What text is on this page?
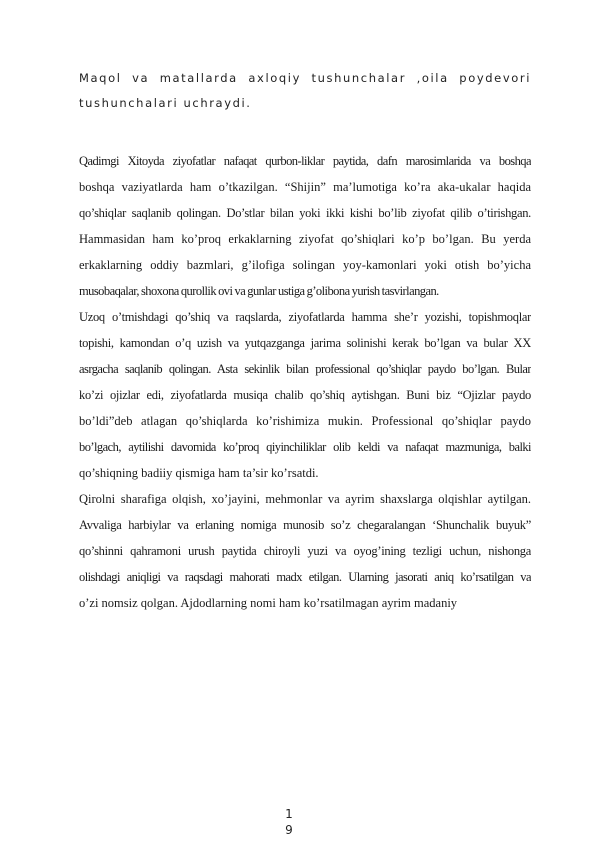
Maqol va matallarda axloqiy tushunchalar ,oila poydevori
tushunchalari uchraydi.
Qadimgi Xitoyda ziyofatlar nafaqat qurbon-liklar paytida, dafn marosimlarida va boshqa
boshqa vaziyatlarda ham o’tkazilgan. “Shijin” ma’lumotiga ko’ra aka-ukalar haqida
qo’shiqlar saqlanib qolingan. Do’stlar bilan yoki ikki kishi bo’lib ziyofat qilib o’tirishgan.
Hammasidan ham ko’proq erkaklarning ziyofat qo’shiqlari ko’p bo’lgan. Bu yerda
erkaklarning oddiy bazmlari, g’ilofiga solingan yoy-kamonlari yoki otish bo’yicha
musobaqalar, shoxona qurollik ovi va gunlar ustiga g’olibona yurish tasvirlangan.
Uzoq o’tmishdagi qo’shiq va raqslarda, ziyofatlarda hamma she’r yozishi, topishmoqlar
topishi, kamondan o’q uzish va yutqazganga jarima solinishi kerak bo’lgan va bular XX
asrgacha saqlanib qolingan. Asta sekinlik bilan professional qo’shiqlar paydo bo’lgan. Bular
ko’zi ojizlar edi, ziyofatlarda musiqa chalib qo’shiq aytishgan. Buni biz “Ojizlar paydo
bo’ldi”deb atlagan qo’shiqlarda ko’rishimiza mukin. Professional qo’shiqlar paydo
bo’lgach, aytilishi davomida ko’proq qiyinchiliklar olib keldi va nafaqat mazmuniga, balki
qo’shiqning badiiy qismiga ham ta’sir ko’rsatdi.
Qirolni sharafiga olqish, xo’jayini, mehmonlar va ayrim shaxslarga olqishlar aytilgan.
Avvaliga harbiylar va erlaning nomiga munosib so’z chegaralangan ‘Shunchalik buyuk”
qo’shinni qahramoni urush paytida chiroyli yuzi va oyog’ining tezligi uchun, nishonga
olishdagi aniqligi va raqsdagi mahorati madx etilgan. Ularning jasorati aniq ko’rsatilgan va
o’zi nomsiz qolgan. Ajdodlarning nomi ham ko’rsatilmagan ayrim madaniy
1
9
